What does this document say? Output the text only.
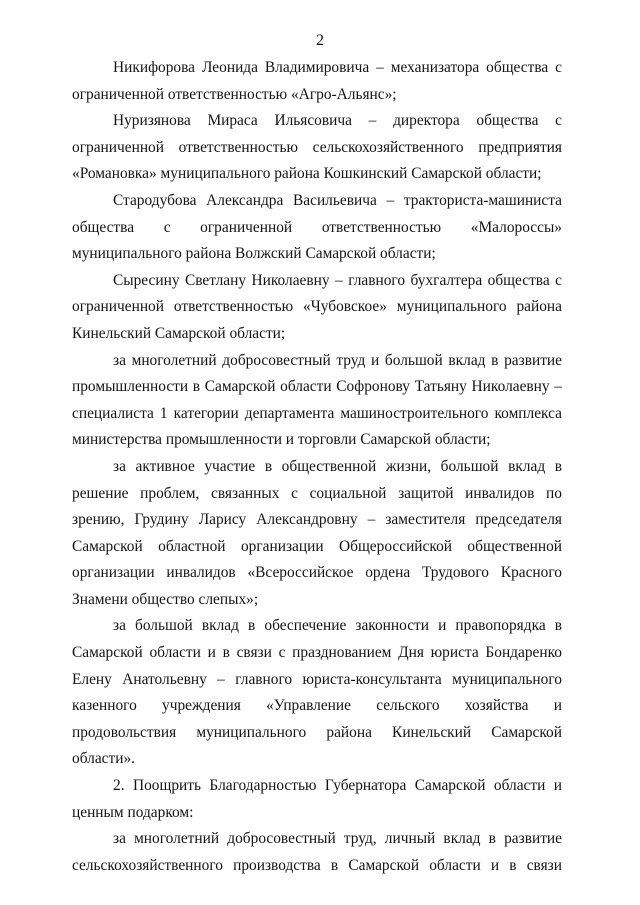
2

Никифорова Леонида Владимировича – механизатора общества с ограниченной ответственностью «Агро-Альянс»;

Нуризянова Мираса Ильясовича – директора общества с ограниченной ответственностью сельскохозяйственного предприятия «Романовка» муниципального района Кошкинский Самарской области;

Стародубова Александра Васильевича – тракториста-машиниста общества с ограниченной ответственностью «Малороссы» муниципального района Волжский Самарской области;

Сыресину Светлану Николаевну – главного бухгалтера общества с ограниченной ответственностью «Чубовское» муниципального района Кинельский Самарской области;

за многолетний добросовестный труд и большой вклад в развитие промышленности в Самарской области Софронову Татьяну Николаевну – специалиста 1 категории департамента машиностроительного комплекса министерства промышленности и торговли Самарской области;

за активное участие в общественной жизни, большой вклад в решение проблем, связанных с социальной защитой инвалидов по зрению, Грудину Ларису Александровну – заместителя председателя Самарской областной организации Общероссийской общественной организации инвалидов «Всероссийское ордена Трудового Красного Знамени общество слепых»;

за большой вклад в обеспечение законности и правопорядка в Самарской области и в связи с празднованием Дня юриста Бондаренко Елену Анатольевну – главного юриста-консультанта муниципального казенного учреждения «Управление сельского хозяйства и продовольствия муниципального района Кинельский Самарской области».

2. Поощрить Благодарностью Губернатора Самарской области и ценным подарком:

за многолетний добросовестный труд, личный вклад в развитие сельскохозяйственного производства в Самарской области и в связи
